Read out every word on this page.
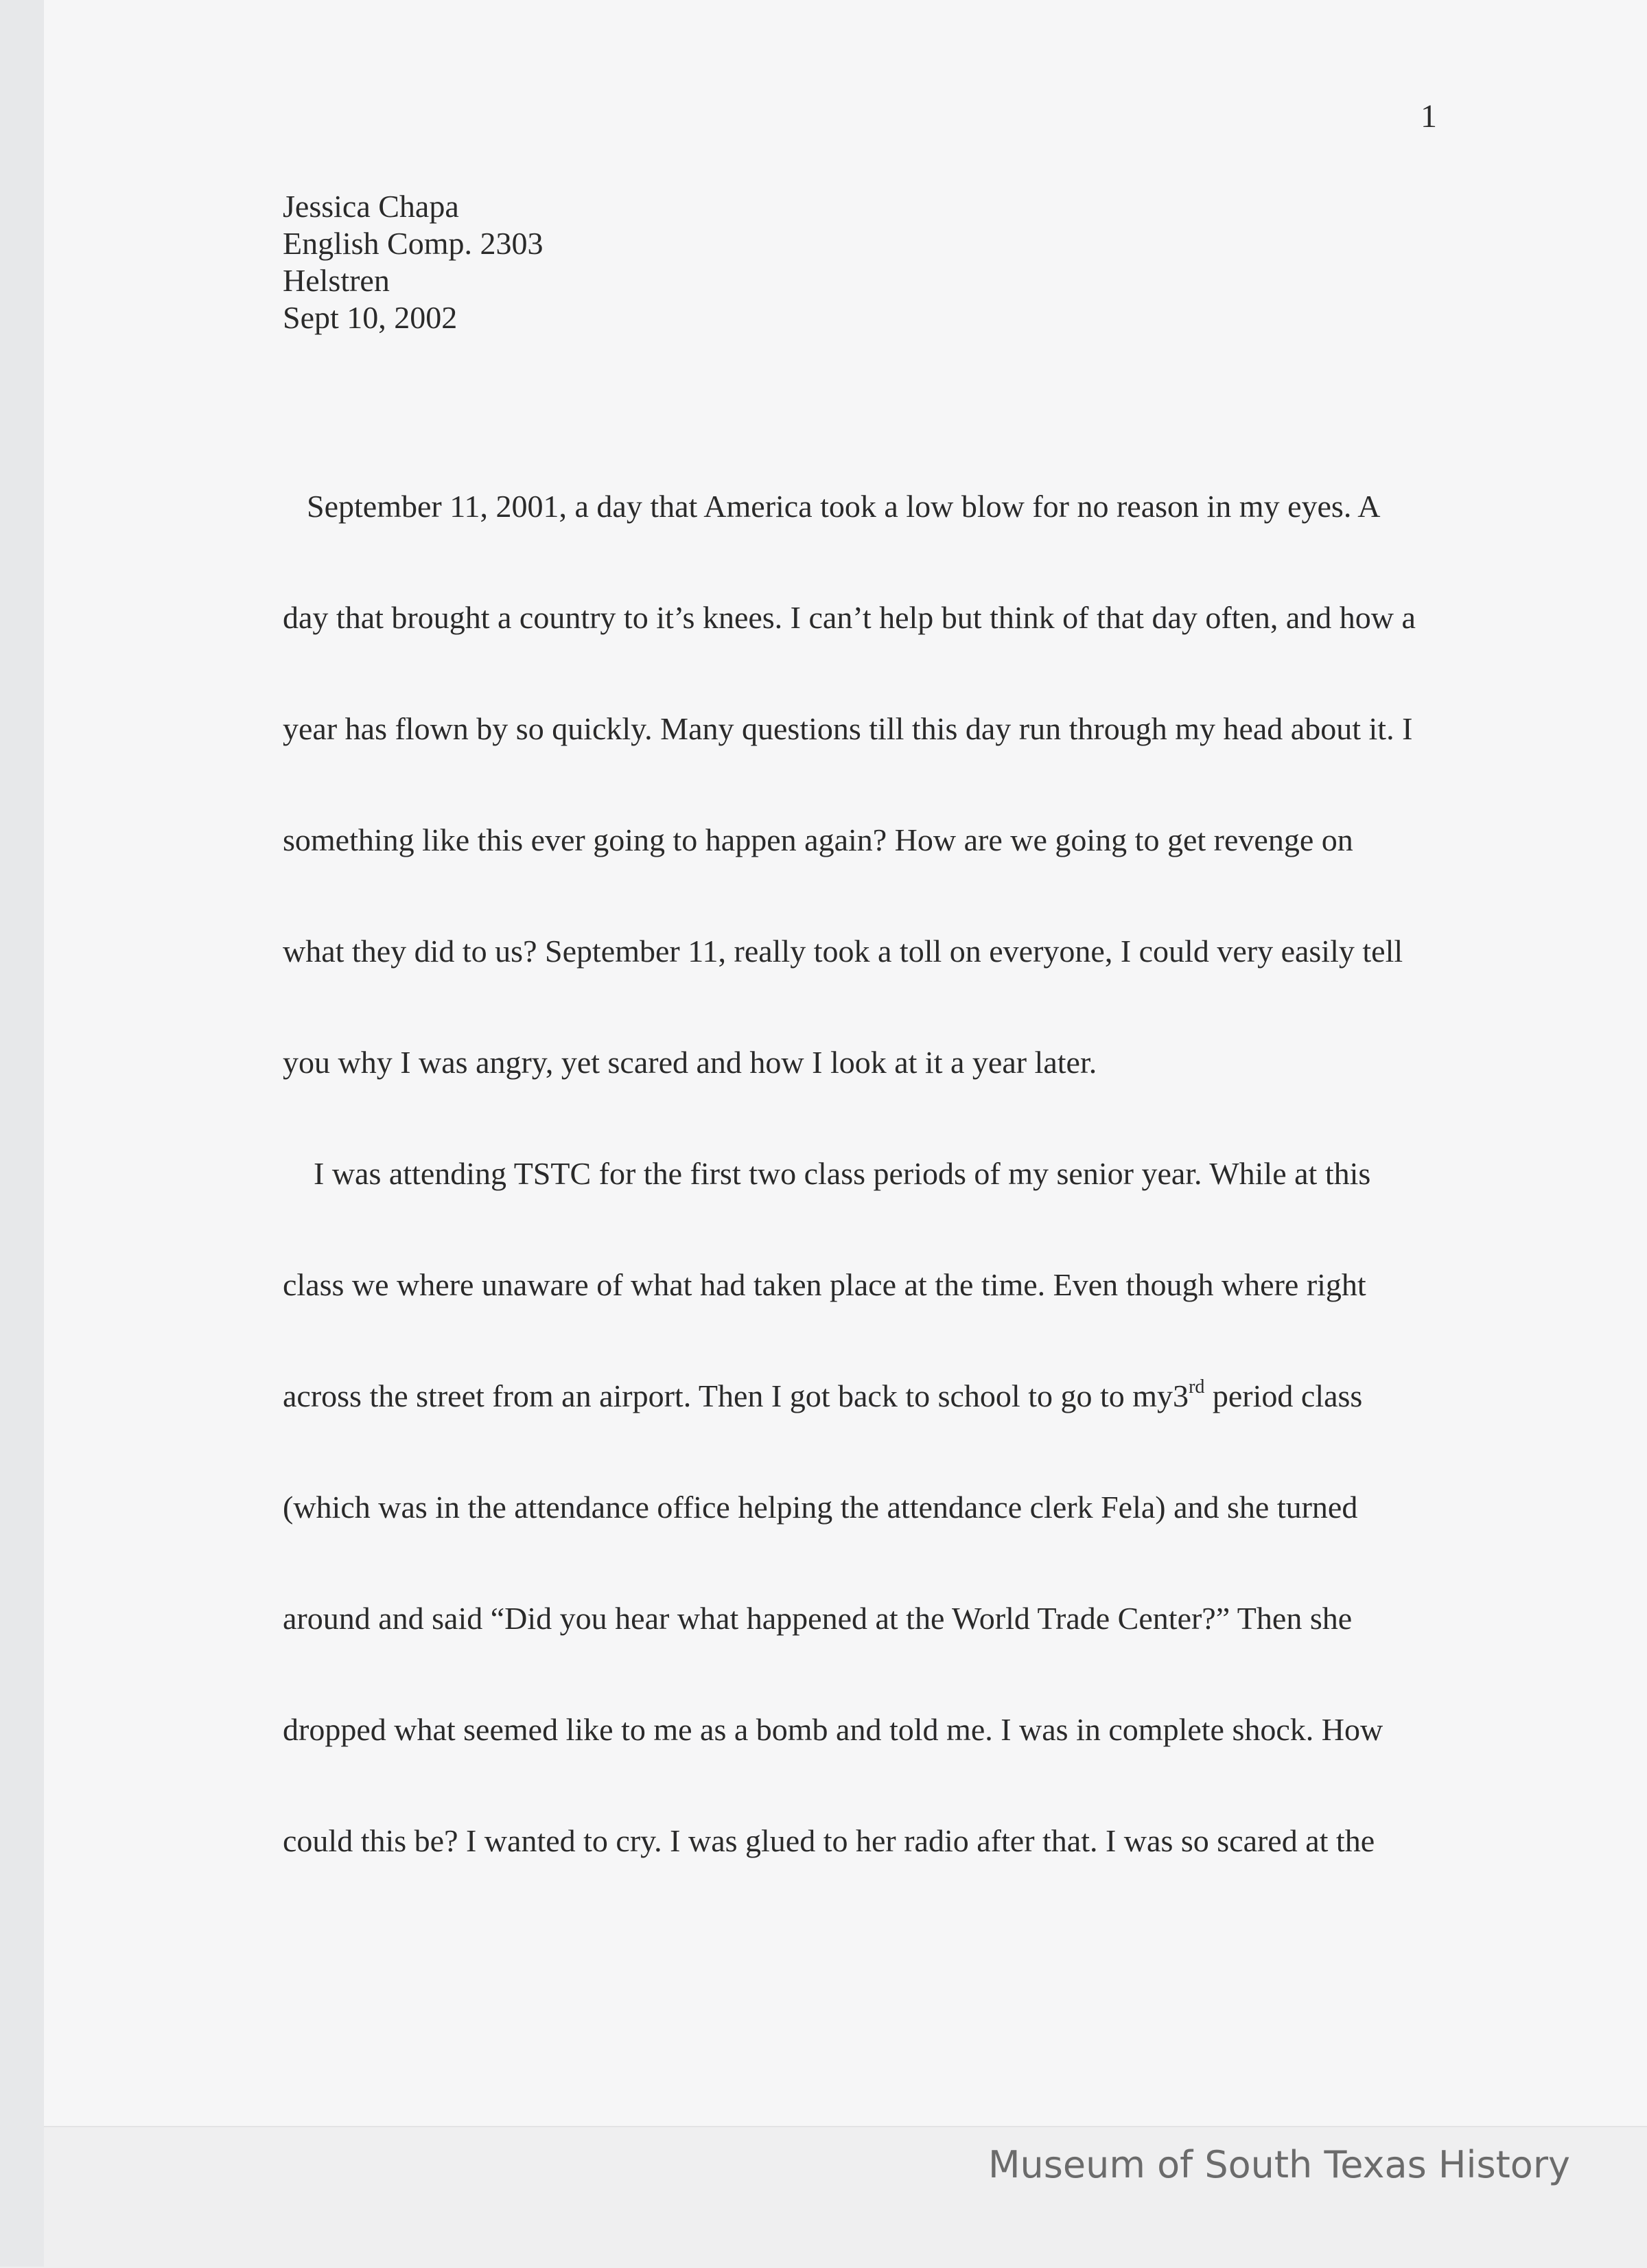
1
Jessica Chapa
English Comp. 2303
Helstren
Sept 10, 2002
September 11, 2001, a day that America took a low blow for no reason in my eyes. A
day that brought a country to it’s knees. I can’t help but think of that day often, and how a
year has flown by so quickly. Many questions till this day run through my head about it. I
something like this ever going to happen again? How are we going to get revenge on
what they did to us? September 11, really took a toll on everyone, I could very easily tell
you why I was angry, yet scared and how I look at it a year later.
I was attending TSTC for the first two class periods of my senior year. While at this
class we where unaware of what had taken place at the time. Even though where right
across the street from an airport. Then I got back to school to go to my3rd period class
(which was in the attendance office helping the attendance clerk Fela) and she turned
around and said “Did you hear what happened at the World Trade Center?” Then she
dropped what seemed like to me as a bomb and told me. I was in complete shock. How
could this be? I wanted to cry. I was glued to her radio after that. I was so scared at the
Museum of South Texas History
